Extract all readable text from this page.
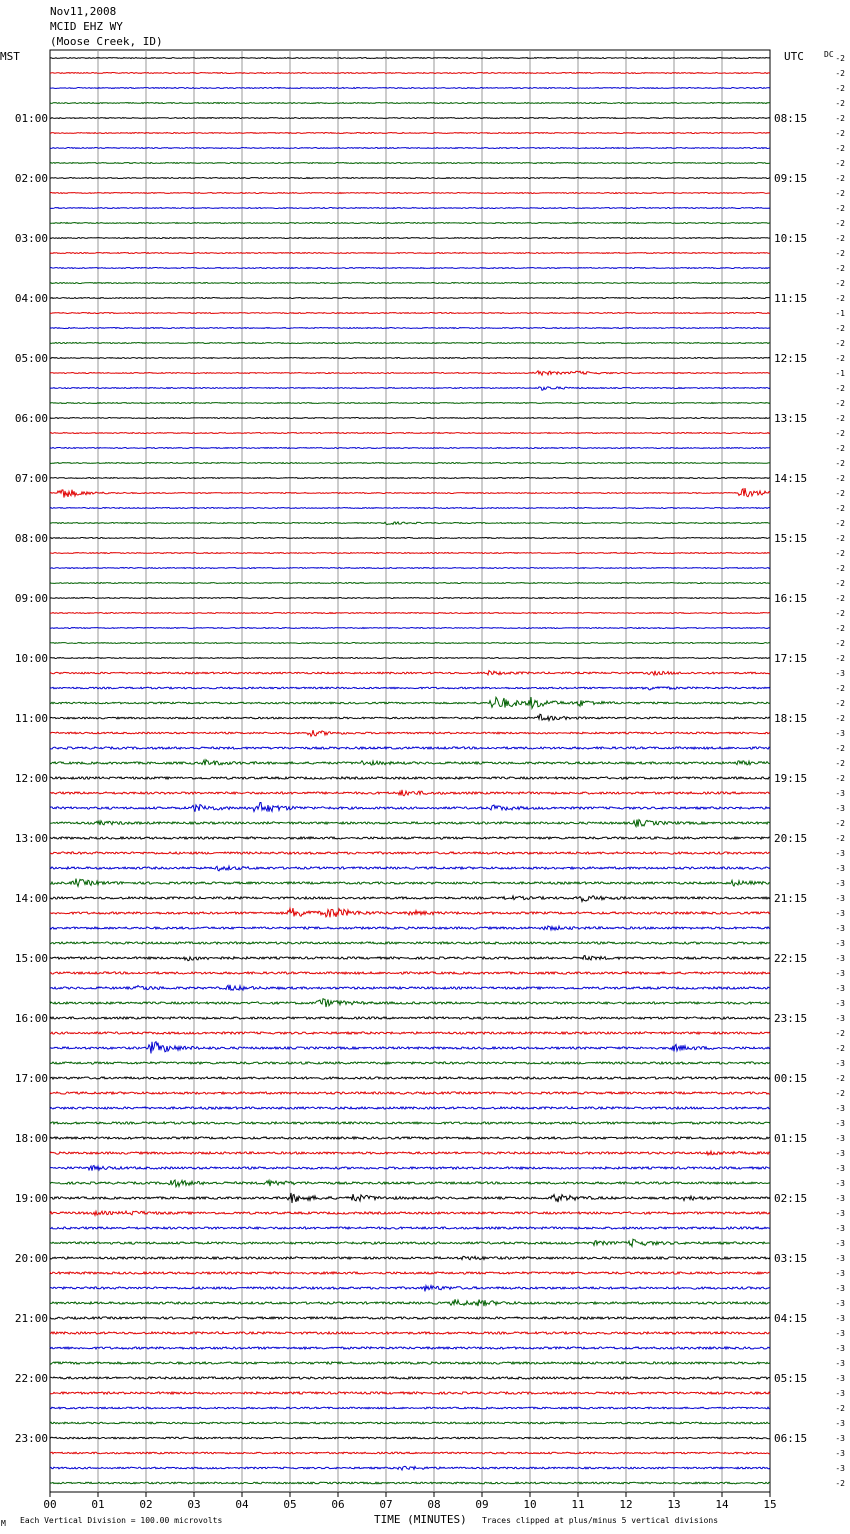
01:00
02:00
03:00
04:00
05:00
06:00
07:00
08:00
09:00
10:00
11:00
12:00
13:00
14:00
15:00
16:00
17:00
18:00
19:00
20:00
21:00
22:00
23:00
08:15
09:15
10:15
11:15
12:15
13:15
14:15
15:15
16:15
17:15
18:15
19:15
20:15
21:15
22:15
23:15
00:15
01:15
02:15
03:15
04:15
05:15
06:15
-2
-2
-2
-2
-2
-2
-2
-2
-2
-2
-2
-2
-2
-2
-2
-2
-2
-1
-2
-2
-2
-1
-2
-2
-2
-2
-2
-2
-2
-2
-2
-2
-2
-2
-2
-2
-2
-2
-2
-2
-2
-3
-2
-2
-2
-3
-2
-2
-2
-3
-3
-2
-2
-3
-3
-3
-3
-3
-3
-3
-3
-3
-3
-3
-3
-2
-2
-3
-2
-2
-3
-3
-3
-3
-3
-3
-3
-3
-3
-3
-3
-3
-3
-3
-3
-3
-3
-3
-3
-3
-2
-3
-3
-3
-3
-2
00	01	02	03	04	05	06	07	08	09	10	11	12	13	14	15
MST	UTC	DC
TIME (MINUTES)
Each Vertical Division = 100.00 microvolts	Traces clipped at plus/minus 5 vertical divisions
M
Nov11,2008
MCID EHZ WY
(Moose Creek, ID)
